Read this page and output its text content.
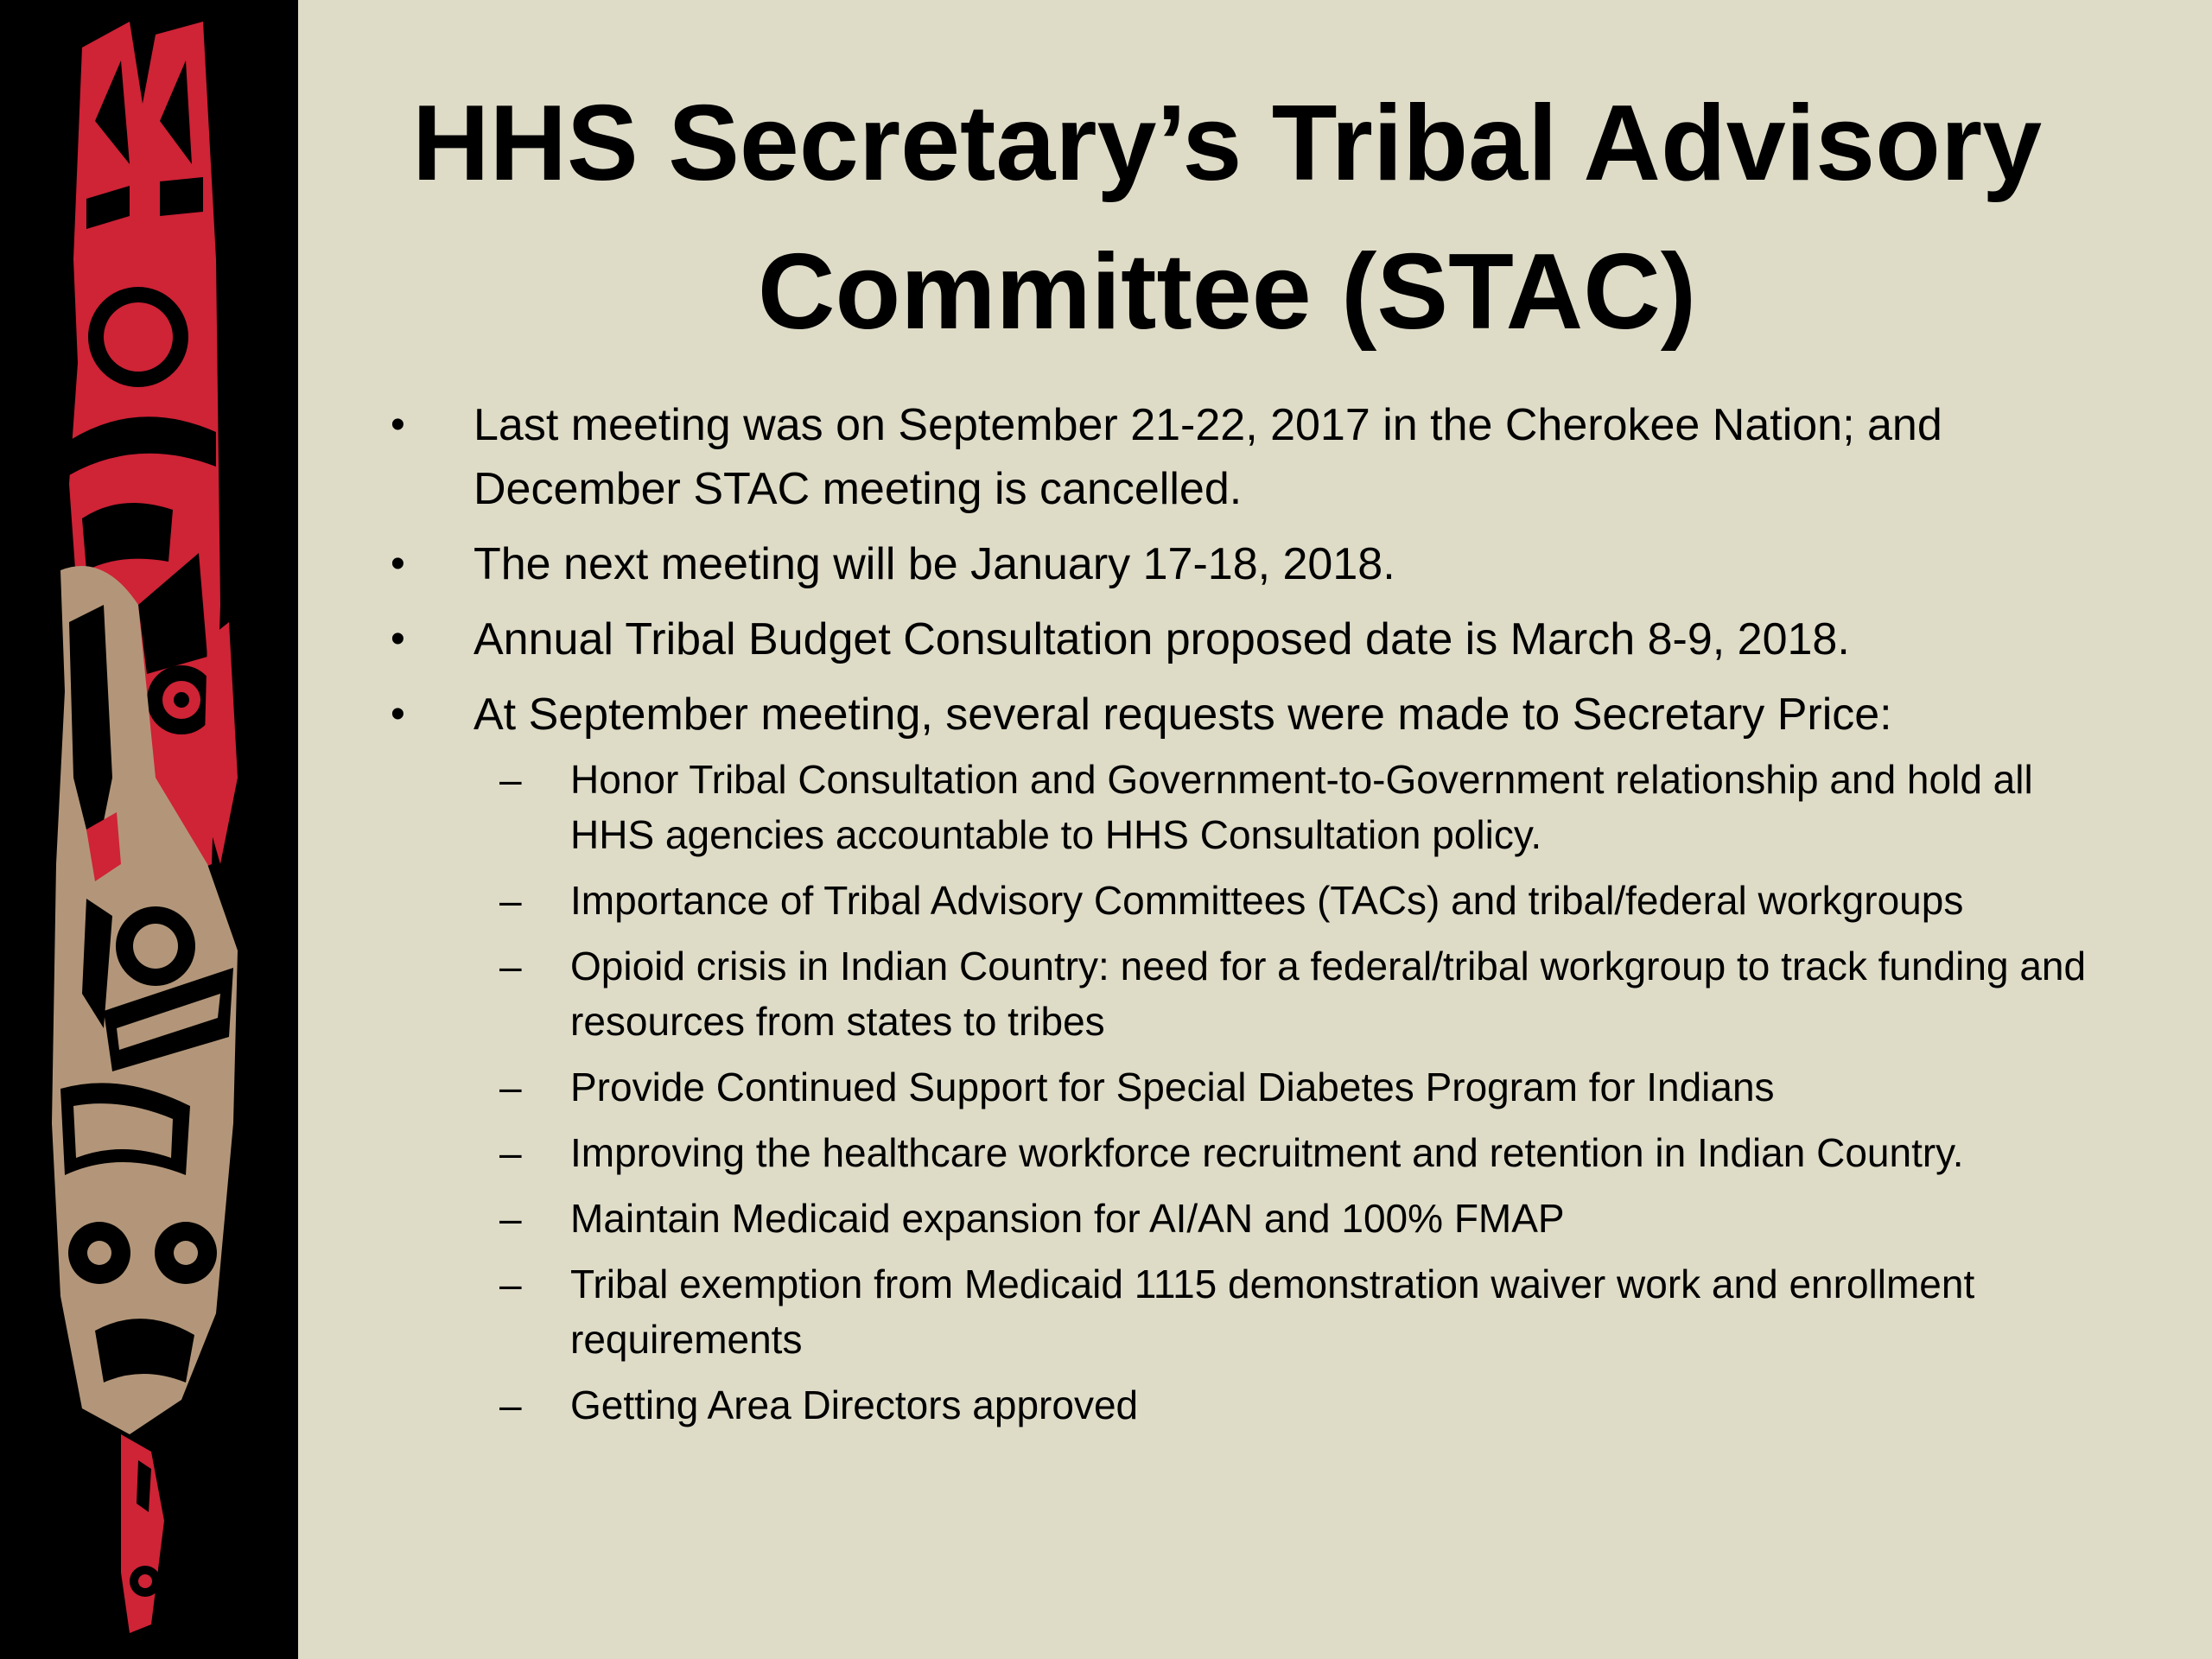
HHS Secretary’s Tribal Advisory
Committee (STAC)
• Last meeting was on September 21-22, 2017 in the Cherokee Nation; and December STAC meeting is cancelled.
• The next meeting will be January 17-18, 2018.
• Annual Tribal Budget Consultation proposed date is March 8-9, 2018.
• At September meeting, several requests were made to Secretary Price:
– Honor Tribal Consultation and Government-to-Government relationship and hold all HHS agencies accountable to HHS Consultation policy.
– Importance of Tribal Advisory Committees (TACs) and tribal/federal workgroups
– Opioid crisis in Indian Country: need for a federal/tribal workgroup to track funding and resources from states to tribes
– Provide Continued Support for Special Diabetes Program for Indians
– Improving the healthcare workforce recruitment and retention in Indian Country.
– Maintain Medicaid expansion for AI/AN and 100% FMAP
– Tribal exemption from Medicaid 1115 demonstration waiver work and enrollment requirements
– Getting Area Directors approved
